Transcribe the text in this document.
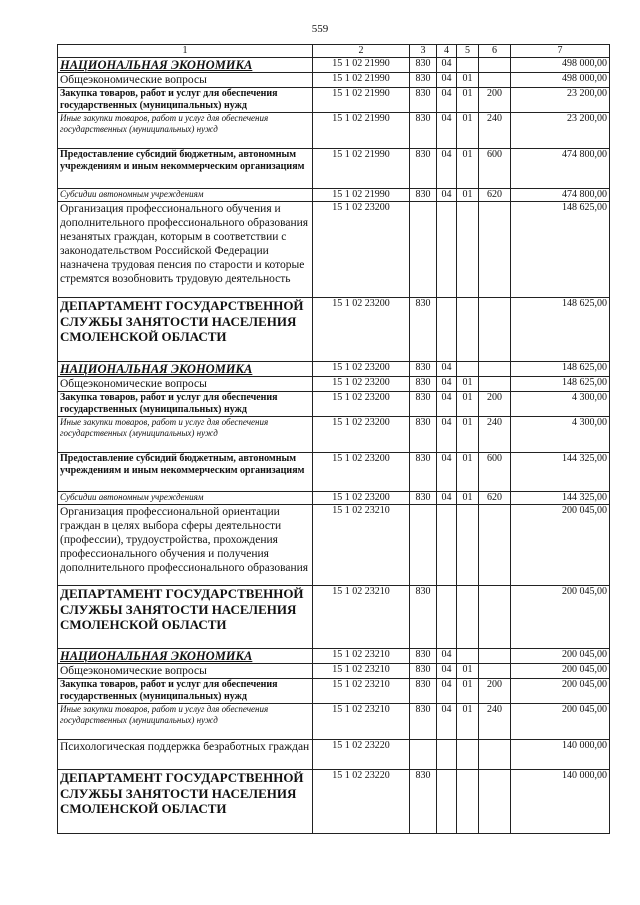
559
1	2	3	4	5	6	7
НАЦИОНАЛЬНАЯ ЭКОНОМИКА	15 1 02 21990	830	04			498 000,00
Общеэкономические вопросы	15 1 02 21990	830	04	01		498 000,00
Закупка товаров, работ и услуг для обеспечения государственных (муниципальных) нужд	15 1 02 21990	830	04	01	200	23 200,00
Иные закупки товаров, работ и услуг для обеспечения государственных (муниципальных) нужд	15 1 02 21990	830	04	01	240	23 200,00
Предоставление субсидий бюджетным, автономным учреждениям и иным некоммерческим организациям	15 1 02 21990	830	04	01	600	474 800,00
Субсидии автономным учреждениям	15 1 02 21990	830	04	01	620	474 800,00
Организация профессионального обучения и дополнительного профессионального образования незанятых граждан, которым в соответствии с законодательством Российской Федерации назначена трудовая пенсия по старости и которые стремятся возобновить трудовую деятельность	15 1 02 23200					148 625,00
ДЕПАРТАМЕНТ ГОСУДАРСТВЕННОЙ СЛУЖБЫ ЗАНЯТОСТИ НАСЕЛЕНИЯ СМОЛЕНСКОЙ ОБЛАСТИ	15 1 02 23200	830				148 625,00
НАЦИОНАЛЬНАЯ ЭКОНОМИКА	15 1 02 23200	830	04			148 625,00
Общеэкономические вопросы	15 1 02 23200	830	04	01		148 625,00
Закупка товаров, работ и услуг для обеспечения государственных (муниципальных) нужд	15 1 02 23200	830	04	01	200	4 300,00
Иные закупки товаров, работ и услуг для обеспечения государственных (муниципальных) нужд	15 1 02 23200	830	04	01	240	4 300,00
Предоставление субсидий бюджетным, автономным учреждениям и иным некоммерческим организациям	15 1 02 23200	830	04	01	600	144 325,00
Субсидии автономным учреждениям	15 1 02 23200	830	04	01	620	144 325,00
Организация профессиональной ориентации граждан в целях выбора сферы деятельности (профессии), трудоустройства, прохождения профессионального обучения и получения дополнительного профессионального образования	15 1 02 23210					200 045,00
ДЕПАРТАМЕНТ ГОСУДАРСТВЕННОЙ СЛУЖБЫ ЗАНЯТОСТИ НАСЕЛЕНИЯ СМОЛЕНСКОЙ ОБЛАСТИ	15 1 02 23210	830				200 045,00
НАЦИОНАЛЬНАЯ ЭКОНОМИКА	15 1 02 23210	830	04			200 045,00
Общеэкономические вопросы	15 1 02 23210	830	04	01		200 045,00
Закупка товаров, работ и услуг для обеспечения государственных (муниципальных) нужд	15 1 02 23210	830	04	01	200	200 045,00
Иные закупки товаров, работ и услуг для обеспечения государственных (муниципальных) нужд	15 1 02 23210	830	04	01	240	200 045,00
Психологическая поддержка безработных граждан	15 1 02 23220					140 000,00
ДЕПАРТАМЕНТ ГОСУДАРСТВЕННОЙ СЛУЖБЫ ЗАНЯТОСТИ НАСЕЛЕНИЯ СМОЛЕНСКОЙ ОБЛАСТИ	15 1 02 23220	830				140 000,00
